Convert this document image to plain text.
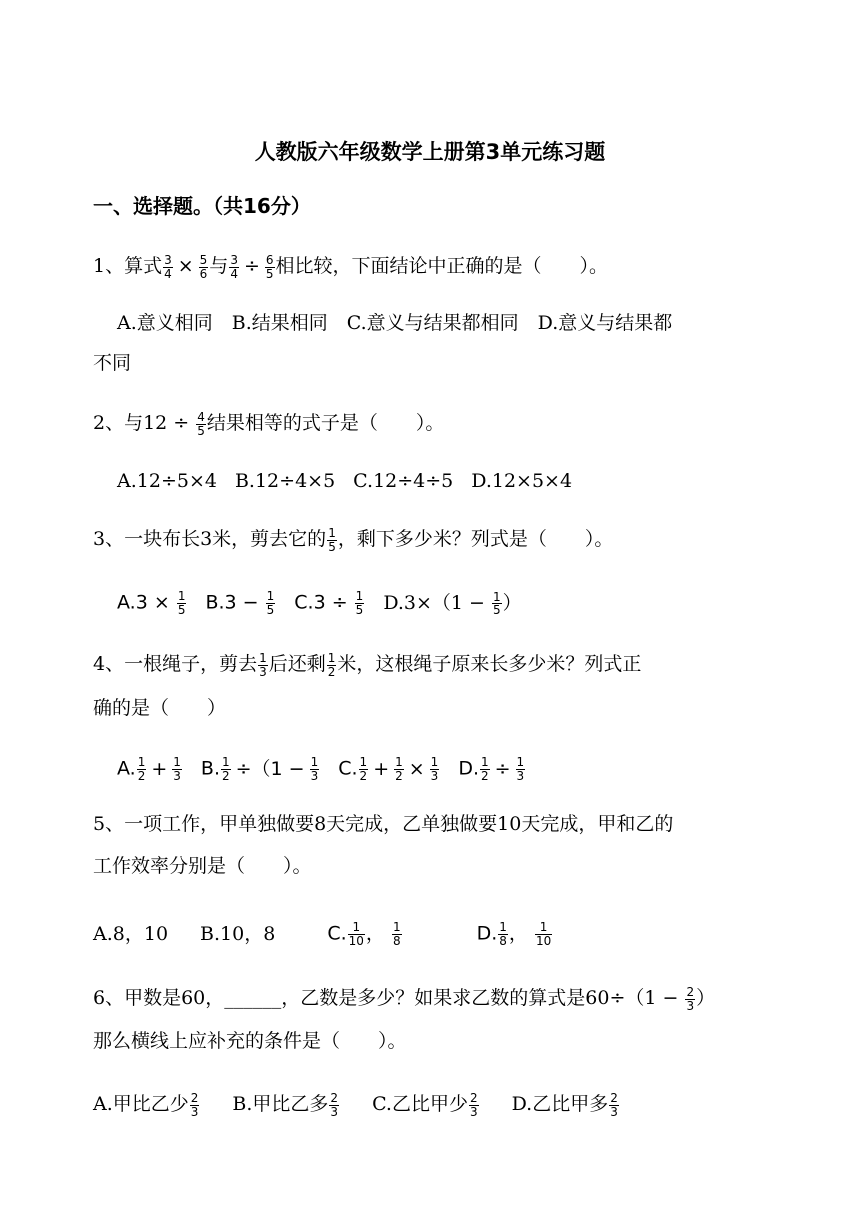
人教版六年级数学上册第3单元练习题
一、选择题。（共16分）
1、算式 $\frac{3}{4} \times \frac{5}{6}$ 与 $\frac{3}{4} \div \frac{6}{5}$ 相比较，下面结论中正确的是（　　）。
A.意义相同　B.结果相同　C.意义与结果都相同　D.意义与结果都
不同
2、与$12 \div \frac{4}{5}$ 结果相等的式子是（　　）。
A.12÷5×4 B.12÷4×5 C.12÷4÷5 D.12×5×4
3、一块布长3米，剪去它的 $\frac{1}{5}$ ，剩下多少米？列式是（　　）。
$A.3 \times \frac{1}{5} B.3 - \frac{1}{5} C.3 \div \frac{1}{5} D.3\times(1 - \frac{1}{5}$ ）
4、一根绳子，剪去 $\frac{1}{3}$ 后还剩 $\frac{1}{2}$ 米，这根绳子原来长多少米？列式正
确的是（　　）
A. $\frac{1}{2} + \frac{1}{3} B$. $\frac{1}{2} \div(1 - \frac{1}{3} C$. $\frac{1}{2} + \frac{1}{2} \times \frac{1}{3} D$. $\frac{1}{2} \div \frac{1}{3}$
5、一项工作，甲单独做要8天完成，乙单独做要10天完成，甲和乙的
工作效率分别是（　　）。
A.8，10 B.10，8	C. $\frac{1}{10}$ ， $\frac{1}{8}$	D. $\frac{1}{8}$ ， $\frac{1}{10}$
6、甲数是60，______，乙数是多少？如果求乙数的算式是$60\div(1 - \frac{2}{3}$ ）
那么横线上应补充的条件是（　　）。
A.甲比乙少 $\frac{2}{3} B$.甲比乙多 $\frac{2}{3} C$.乙比甲少 $\frac{2}{3} D$.乙比甲多 $\frac{2}{3}$
